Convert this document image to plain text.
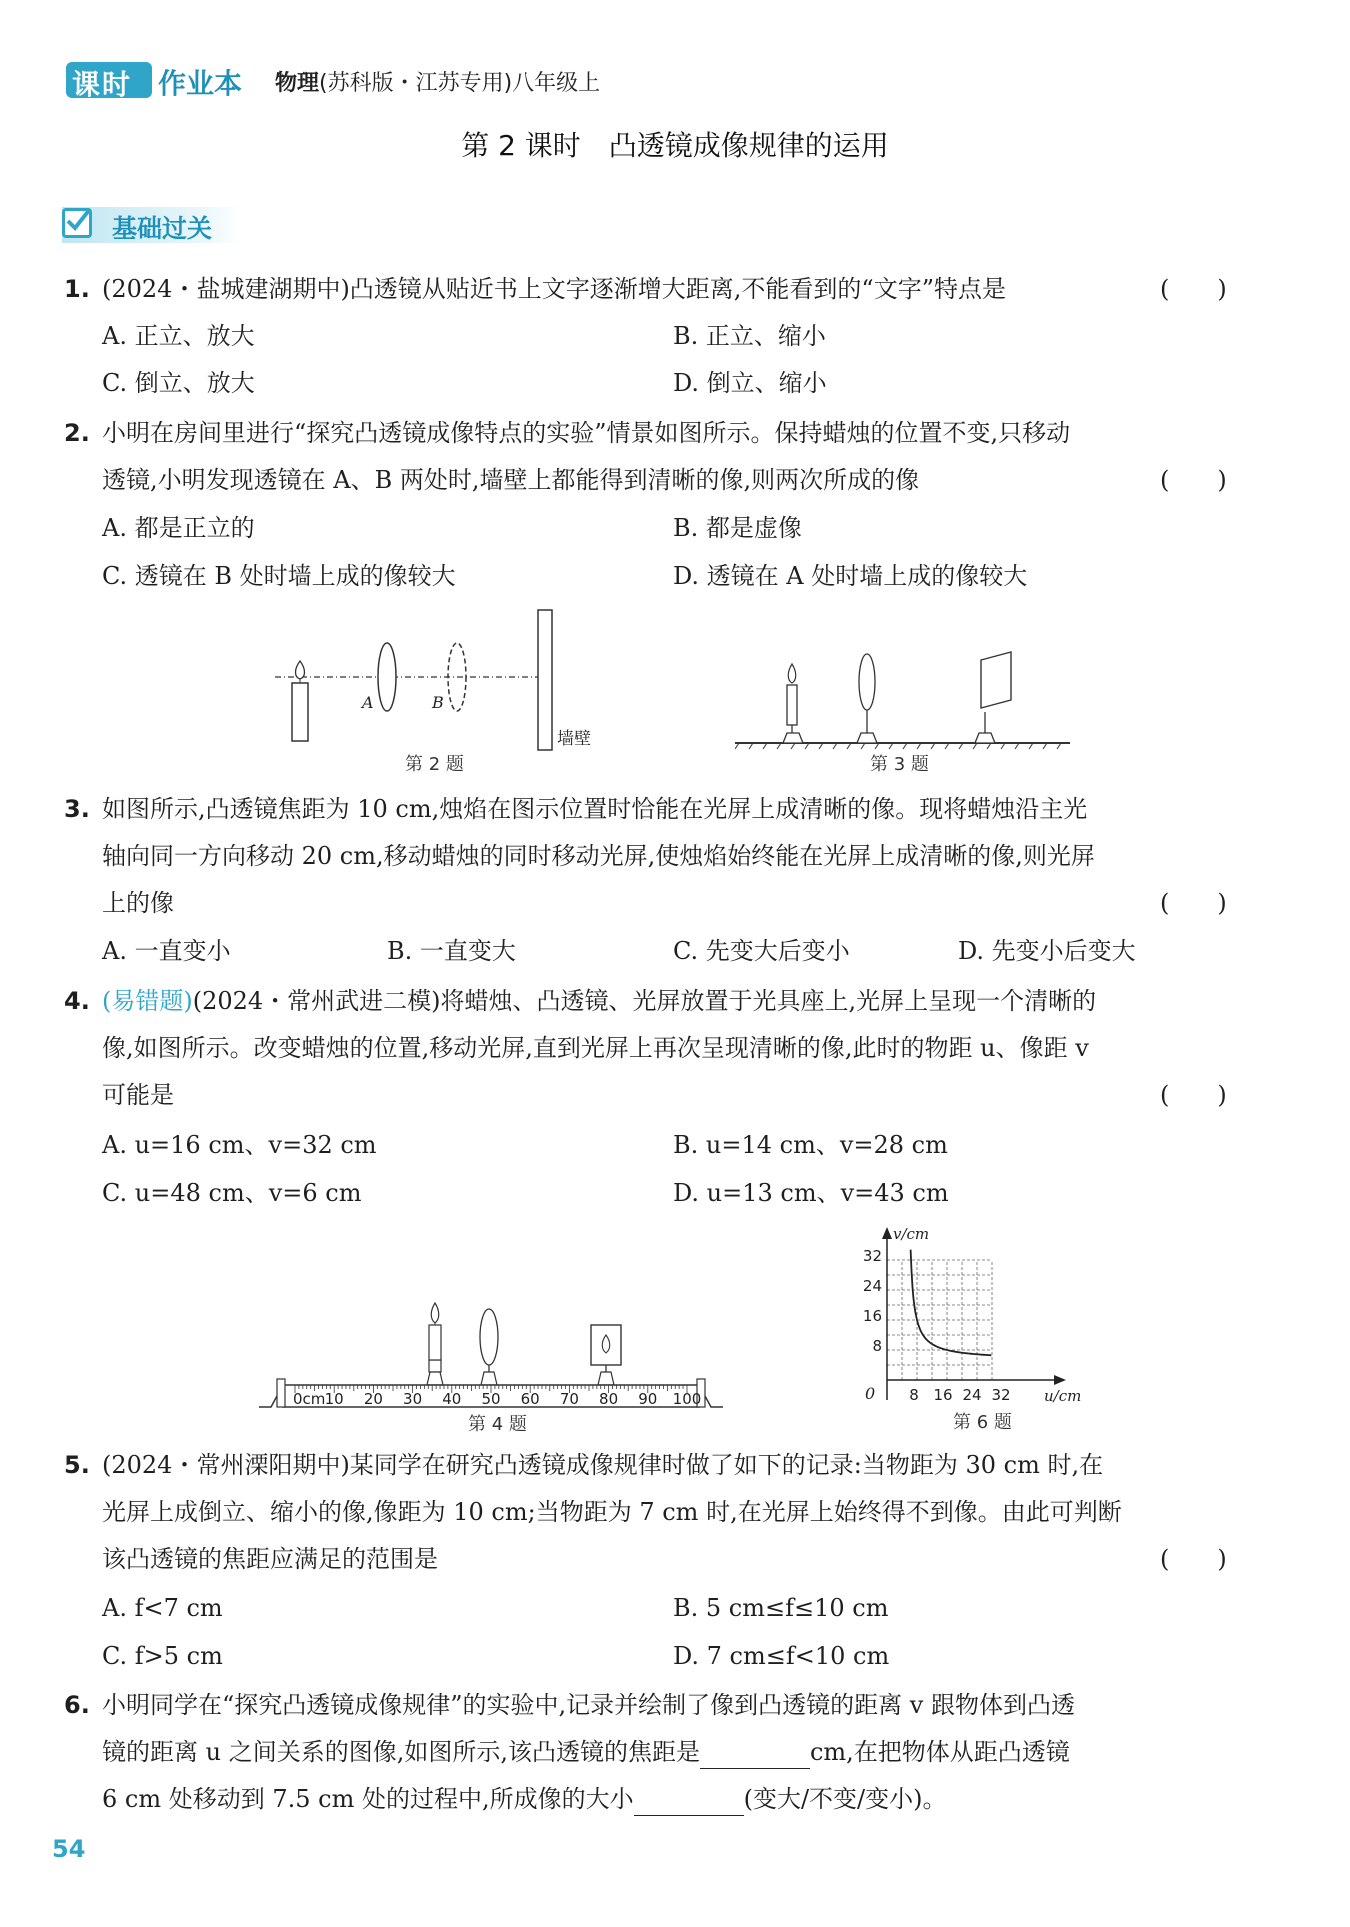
课时 作业本 物理(苏科版・江苏专用)八年级上
第 2 课时　凸透镜成像规律的运用
基础过关
1. (2024・盐城建湖期中)凸透镜从贴近书上文字逐渐增大距离,不能看到的“文字”特点是	(　　)
A. 正立、放大	B. 正立、缩小
C. 倒立、放大	D. 倒立、缩小
2. 小明在房间里进行“探究凸透镜成像特点的实验”情景如图所示。保持蜡烛的位置不变,只移动
透镜,小明发现透镜在 A、B 两处时,墙壁上都能得到清晰的像,则两次所成的像	(　　)
A. 都是正立的	B. 都是虚像
C. 透镜在 B 处时墙上成的像较大	D. 透镜在 A 处时墙上成的像较大
A	B
墙壁
第 2 题	第 3 题
3. 如图所示,凸透镜焦距为 10 cm,烛焰在图示位置时恰能在光屏上成清晰的像。现将蜡烛沿主光
轴向同一方向移动 20 cm,移动蜡烛的同时移动光屏,使烛焰始终能在光屏上成清晰的像,则光屏
上的像	(　　)
A. 一直变小	B. 一直变大	C. 先变大后变小	D. 先变小后变大
4. (易错题)(2024・常州武进二模)将蜡烛、凸透镜、光屏放置于光具座上,光屏上呈现一个清晰的
像,如图所示。改变蜡烛的位置,移动光屏,直到光屏上再次呈现清晰的像,此时的物距 u、像距 v
可能是	(　　)
A. u=16 cm、v=32 cm	B. u=14 cm、v=28 cm
C. u=48 cm、v=6 cm	D. u=13 cm、v=43 cm
0cm 10 20 30 40 50 60 70 80 90 100
第 4 题
v/cm
u/cm
0
32
24
16
8
8 16 24 32
第 6 题
5. (2024・常州溧阳期中)某同学在研究凸透镜成像规律时做了如下的记录:当物距为 30 cm 时,在
光屏上成倒立、缩小的像,像距为 10 cm;当物距为 7 cm 时,在光屏上始终得不到像。由此可判断
该凸透镜的焦距应满足的范围是	(　　)
A. f<7 cm	B. 5 cm≤f≤10 cm
C. f>5 cm	D. 7 cm≤f<10 cm
6. 小明同学在“探究凸透镜成像规律”的实验中,记录并绘制了像到凸透镜的距离 v 跟物体到凸透
镜的距离 u 之间关系的图像,如图所示,该凸透镜的焦距是	cm,在把物体从距凸透镜
6 cm 处移动到 7.5 cm 处的过程中,所成像的大小	(变大/不变/变小)。
54
